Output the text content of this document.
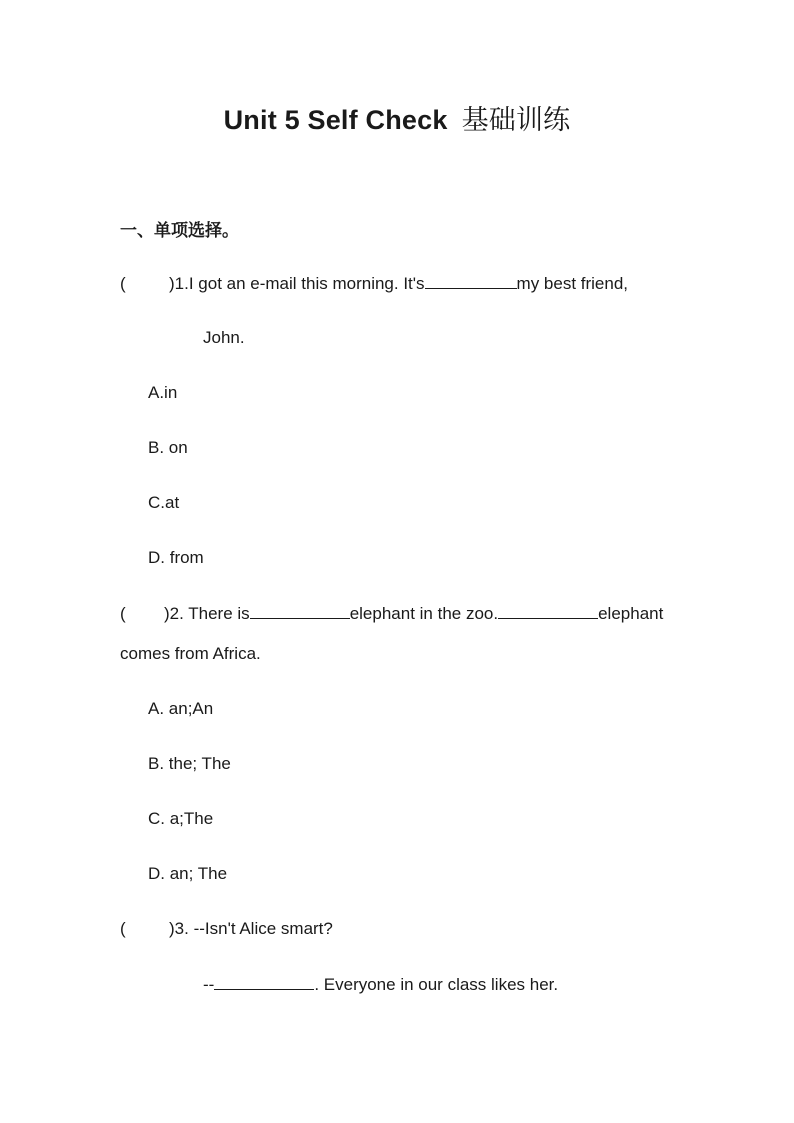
Unit 5 Self Check 基础训练
一、单项选择。
(	)1.I got an e-mail this morning. It's	my best friend,
John.
A.in
B. on
C.at
D. from
( )2. There is	elephant in the zoo.	elephant
comes from Africa.
A. an;An
B. the; The
C. a;The
D. an; The
(	)3. --Isn't Alice smart?
--	. Everyone in our class likes her.
